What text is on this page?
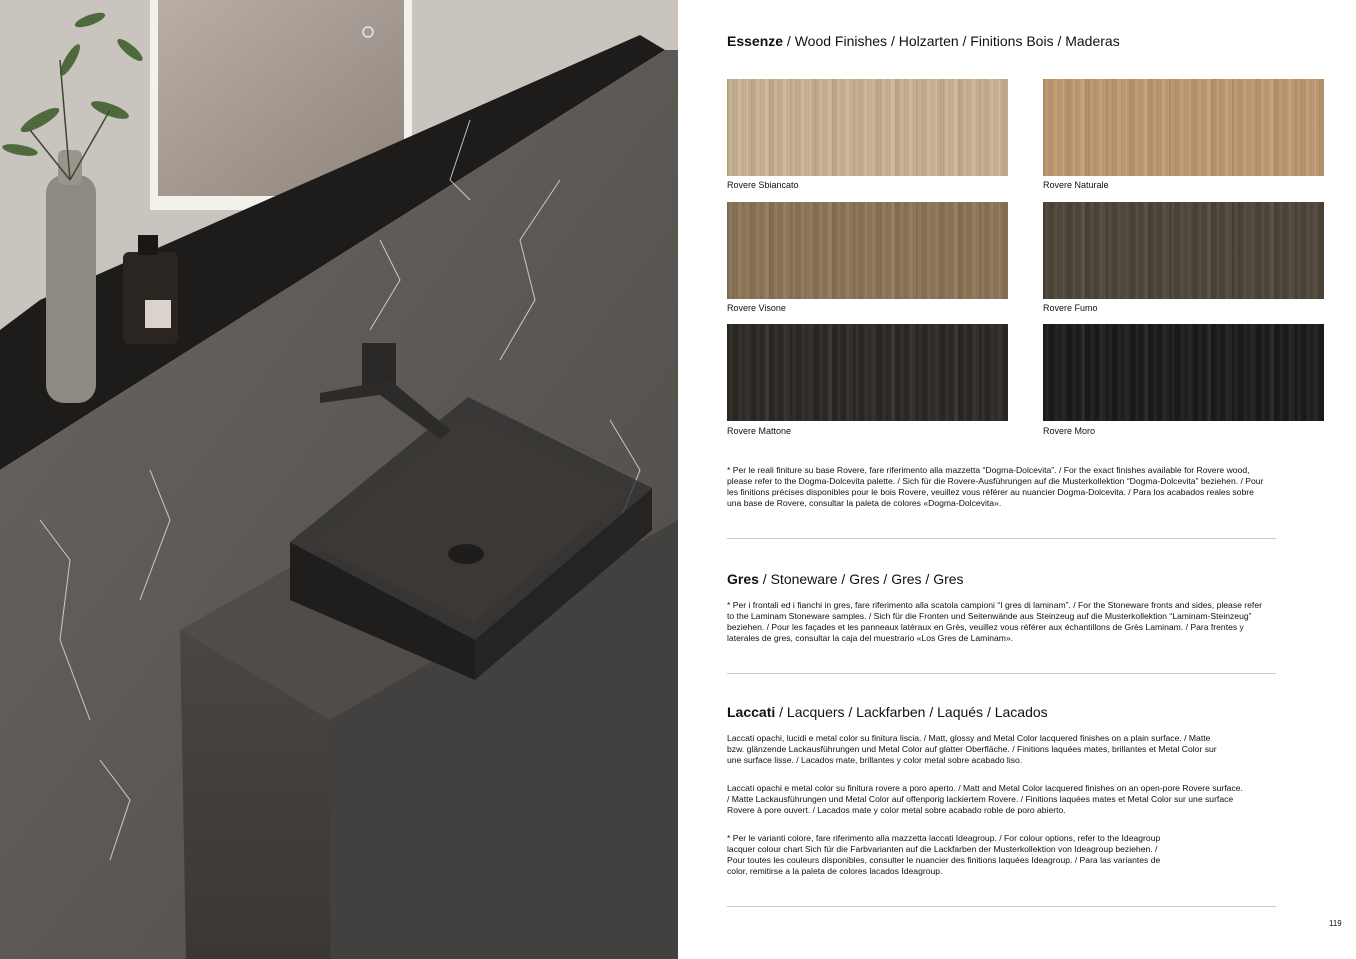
Essenze / Wood Finishes / Holzarten / Finitions Bois / Maderas
Rovere Sbiancato	Rovere Naturale
Rovere Visone	Rovere Fumo
Rovere Mattone	Rovere Moro
* Per le reali finiture su base Rovere, fare riferimento alla mazzetta “Dogma-Dolcevita”. / For the exact finishes available for Rovere wood, please refer to the Dogma-Dolcevita palette. / Sich für die Rovere-Ausführungen auf die Musterkollektion “Dogma-Dolcevita” beziehen. / Pour les finitions précises disponibles pour le bois Rovere, veuillez vous référer au nuancier Dogma-Dolcevita. / Para los acabados reales sobre una base de Rovere, consultar la paleta de colores «Dogma-Dolcevita».
Gres / Stoneware / Gres / Gres / Gres
* Per i frontali ed i fianchi in gres, fare riferimento alla scatola campioni “I gres di laminam”. / For the Stoneware fronts and sides, please refer to the Laminam Stoneware samples. / Sich für die Fronten und Seitenwände aus Steinzeug auf die Musterkollektion “Laminam-Steinzeug” beziehen. / Pour les façades et les panneaux latéraux en Grès, veuillez vous référer aux échantillons de Grès Laminam. / Para frentes y laterales de gres, consultar la caja del muestrario «Los Gres de Laminam».
Laccati / Lacquers / Lackfarben / Laqués / Lacados
Laccati opachi, lucidi e metal color su finitura liscia. / Matt, glossy and Metal Color lacquered finishes on a plain surface. / Matte bzw. glänzende Lackausführungen und Metal Color auf glatter Oberfläche. / Finitions laquées mates, brillantes et Metal Color sur une surface lisse. / Lacados mate, brillantes y color metal sobre acabado liso.
Laccati opachi e metal color su finitura rovere a poro aperto. / Matt and Metal Color lacquered finishes on an open-pore Rovere surface. / Matte Lackausführungen und Metal Color auf offenporig lackiertem Rovere. / Finitions laquées mates et Metal Color sur une surface Rovere à pore ouvert. / Lacados mate y color metal sobre acabado roble de poro abierto.
* Per le varianti colore, fare riferimento alla mazzetta laccati Ideagroup. / For colour options, refer to the Ideagroup lacquer colour chart Sich für die Farbvarianten auf die Lackfarben der Musterkollektion von Ideagroup beziehen. / Pour toutes les couleurs disponibles, consulter le nuancier des finitions laquées Ideagroup. / Para las variantes de color, remitirse a la paleta de colores lacados Ideagroup.
119
